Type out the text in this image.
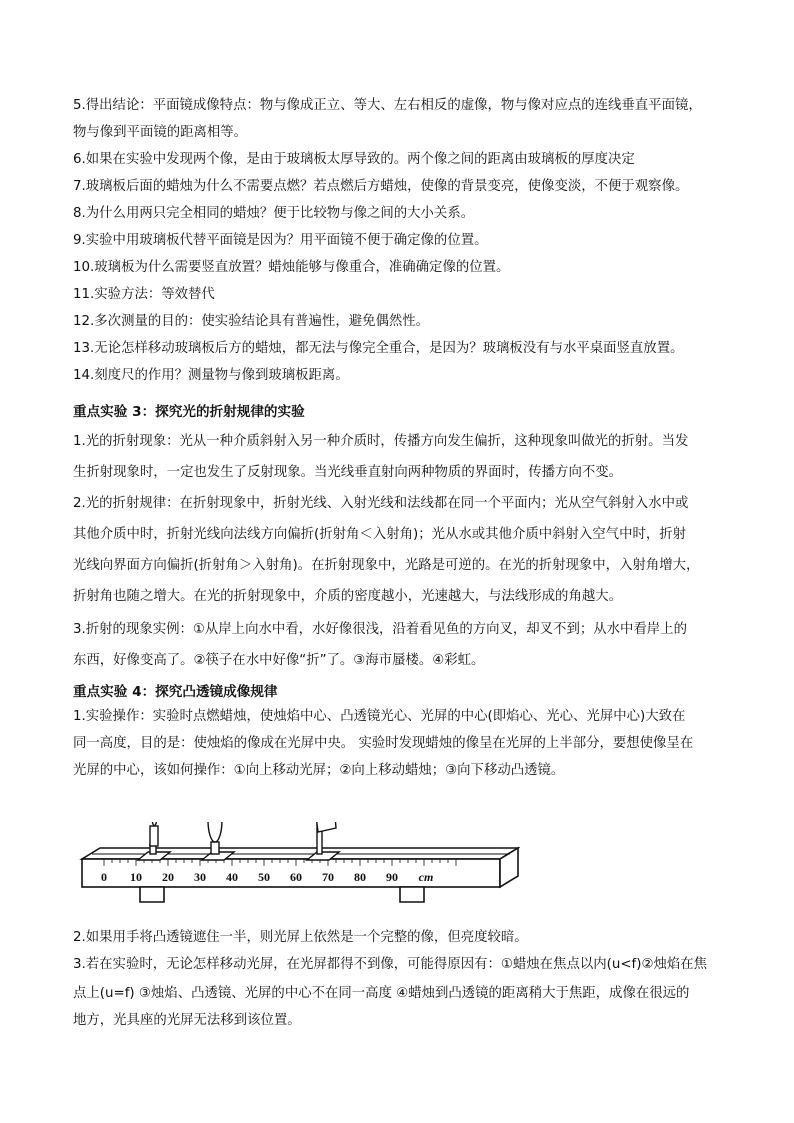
5.得出结论：平面镜成像特点：物与像成正立、等大、左右相反的虚像，物与像对应点的连线垂直平面镜，
物与像到平面镜的距离相等。
6.如果在实验中发现两个像，是由于玻璃板太厚导致的。两个像之间的距离由玻璃板的厚度决定
7.玻璃板后面的蜡烛为什么不需要点燃？若点燃后方蜡烛，使像的背景变亮，使像变淡，不便于观察像。
8.为什么用两只完全相同的蜡烛？便于比较物与像之间的大小关系。
9.实验中用玻璃板代替平面镜是因为？用平面镜不便于确定像的位置。
10.玻璃板为什么需要竖直放置？蜡烛能够与像重合，准确确定像的位置。
11.实验方法：等效替代
12.多次测量的目的：使实验结论具有普遍性，避免偶然性。
13.无论怎样移动玻璃板后方的蜡烛，都无法与像完全重合，是因为？玻璃板没有与水平桌面竖直放置。
14.刻度尺的作用？测量物与像到玻璃板距离。
重点实验 3：探究光的折射规律的实验
1.光的折射现象：光从一种介质斜射入另一种介质时，传播方向发生偏折，这种现象叫做光的折射。当发
生折射现象时，一定也发生了反射现象。当光线垂直射向两种物质的界面时，传播方向不变。
2.光的折射规律：在折射现象中，折射光线、入射光线和法线都在同一个平面内；光从空气斜射入水中或
其他介质中时，折射光线向法线方向偏折(折射角＜入射角)；光从水或其他介质中斜射入空气中时，折射
光线向界面方向偏折(折射角＞入射角)。在折射现象中，光路是可逆的。在光的折射现象中，入射角增大，
折射角也随之增大。在光的折射现象中，介质的密度越小，光速越大，与法线形成的角越大。
3.折射的现象实例：①从岸上向水中看，水好像很浅，沿着看见鱼的方向叉，却叉不到；从水中看岸上的
东西，好像变高了。②筷子在水中好像“折”了。③海市蜃楼。④彩虹。
重点实验 4：探究凸透镜成像规律
1.实验操作：实验时点燃蜡烛，使烛焰中心、凸透镜光心、光屏的中心(即焰心、光心、光屏中心)大致在
同一高度，目的是：使烛焰的像成在光屏中央。 实验时发现蜡烛的像呈在光屏的上半部分，要想使像呈在
光屏的中心，该如何操作：①向上移动光屏；②向上移动蜡烛；③向下移动凸透镜。
0 10 20 30 40 50 60 70 80 90 cm
2.如果用手将凸透镜遮住一半，则光屏上依然是一个完整的像，但亮度较暗。
3.若在实验时，无论怎样移动光屏，在光屏都得不到像，可能得原因有：①蜡烛在焦点以内(u<f)②烛焰在焦
点上(u=f) ③烛焰、凸透镜、光屏的中心不在同一高度 ④蜡烛到凸透镜的距离稍大于焦距，成像在很远的
地方，光具座的光屏无法移到该位置。
